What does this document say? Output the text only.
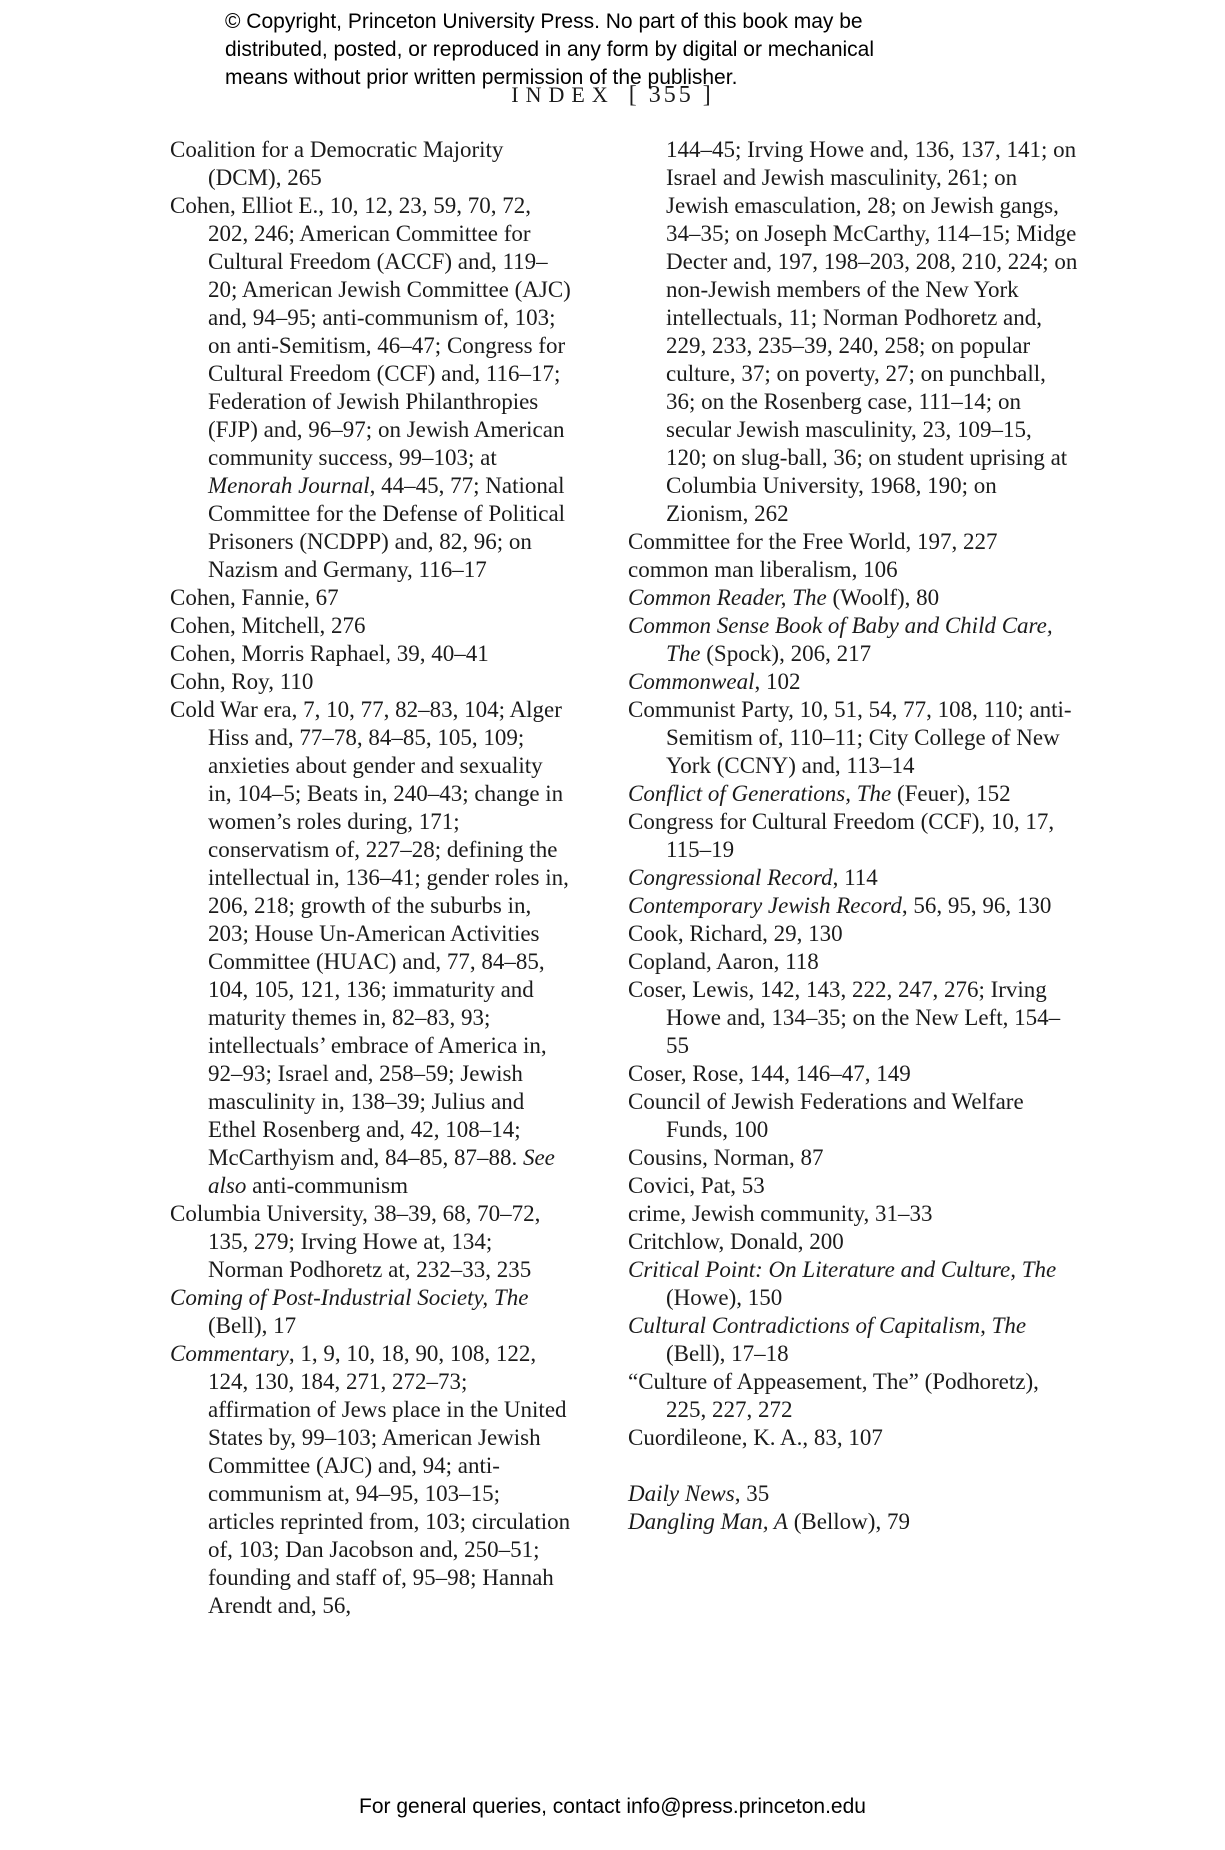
© Copyright, Princeton University Press. No part of this book may be
distributed, posted, or reproduced in any form by digital or mechanical
means without prior written permission of the publisher.
INDEX [ 355 ]

Coalition for a Democratic Majority (DCM), 265

Cohen, Elliot E., 10, 12, 23, 59, 70, 72, 202, 246; American Committee for Cultural Freedom (ACCF) and, 119–20; American Jewish Committee (AJC) and, 94–95; anti-communism of, 103; on anti-Semitism, 46–47; Congress for Cultural Freedom (CCF) and, 116–17; Federation of Jewish Philanthropies (FJP) and, 96–97; on Jewish American community success, 99–103; at Menorah Journal, 44–45, 77; National Committee for the Defense of Political Prisoners (NCDPP) and, 82, 96; on Nazism and Germany, 116–17

Cohen, Fannie, 67

Cohen, Mitchell, 276

Cohen, Morris Raphael, 39, 40–41

Cohn, Roy, 110

Cold War era, 7, 10, 77, 82–83, 104; Alger Hiss and, 77–78, 84–85, 105, 109; anxieties about gender and sexuality in, 104–5; Beats in, 240–43; change in women’s roles during, 171; conservatism of, 227–28; defining the intellectual in, 136–41; gender roles in, 206, 218; growth of the suburbs in, 203; House Un-American Activities Committee (HUAC) and, 77, 84–85, 104, 105, 121, 136; immaturity and maturity themes in, 82–83, 93; intellectuals’ embrace of America in, 92–93; Israel and, 258–59; Jewish masculinity in, 138–39; Julius and Ethel Rosenberg and, 42, 108–14; McCarthyism and, 84–85, 87–88. See also anti-communism

Columbia University, 38–39, 68, 70–72, 135, 279; Irving Howe at, 134; Norman Podhoretz at, 232–33, 235

Coming of Post-Industrial Society, The (Bell), 17

Commentary, 1, 9, 10, 18, 90, 108, 122, 124, 130, 184, 271, 272–73; affirmation of Jews place in the United States by, 99–103; American Jewish Committee (AJC) and, 94; anti-communism at, 94–95, 103–15; articles reprinted from, 103; circulation of, 103; Dan Jacobson and, 250–51; founding and staff of, 95–98; Hannah Arendt and, 56,

144–45; Irving Howe and, 136, 137, 141; on Israel and Jewish masculinity, 261; on Jewish emasculation, 28; on Jewish gangs, 34–35; on Joseph McCarthy, 114–15; Midge Decter and, 197, 198–203, 208, 210, 224; on non-Jewish members of the New York intellectuals, 11; Norman Podhoretz and, 229, 233, 235–39, 240, 258; on popular culture, 37; on poverty, 27; on punchball, 36; on the Rosenberg case, 111–14; on secular Jewish masculinity, 23, 109–15, 120; on slug-ball, 36; on student uprising at Columbia University, 1968, 190; on Zionism, 262

Committee for the Free World, 197, 227

common man liberalism, 106

Common Reader, The (Woolf), 80

Common Sense Book of Baby and Child Care, The (Spock), 206, 217

Commonweal, 102

Communist Party, 10, 51, 54, 77, 108, 110; anti-Semitism of, 110–11; City College of New York (CCNY) and, 113–14

Conflict of Generations, The (Feuer), 152

Congress for Cultural Freedom (CCF), 10, 17, 115–19

Congressional Record, 114

Contemporary Jewish Record, 56, 95, 96, 130

Cook, Richard, 29, 130

Copland, Aaron, 118

Coser, Lewis, 142, 143, 222, 247, 276; Irving Howe and, 134–35; on the New Left, 154–55

Coser, Rose, 144, 146–47, 149

Council of Jewish Federations and Welfare Funds, 100

Cousins, Norman, 87

Covici, Pat, 53

crime, Jewish community, 31–33

Critchlow, Donald, 200

Critical Point: On Literature and Culture, The (Howe), 150

Cultural Contradictions of Capitalism, The (Bell), 17–18

“Culture of Appeasement, The” (Podhoretz), 225, 227, 272

Cuordileone, K. A., 83, 107

Daily News, 35

Dangling Man, A (Bellow), 79

For general queries, contact info@press.princeton.edu
